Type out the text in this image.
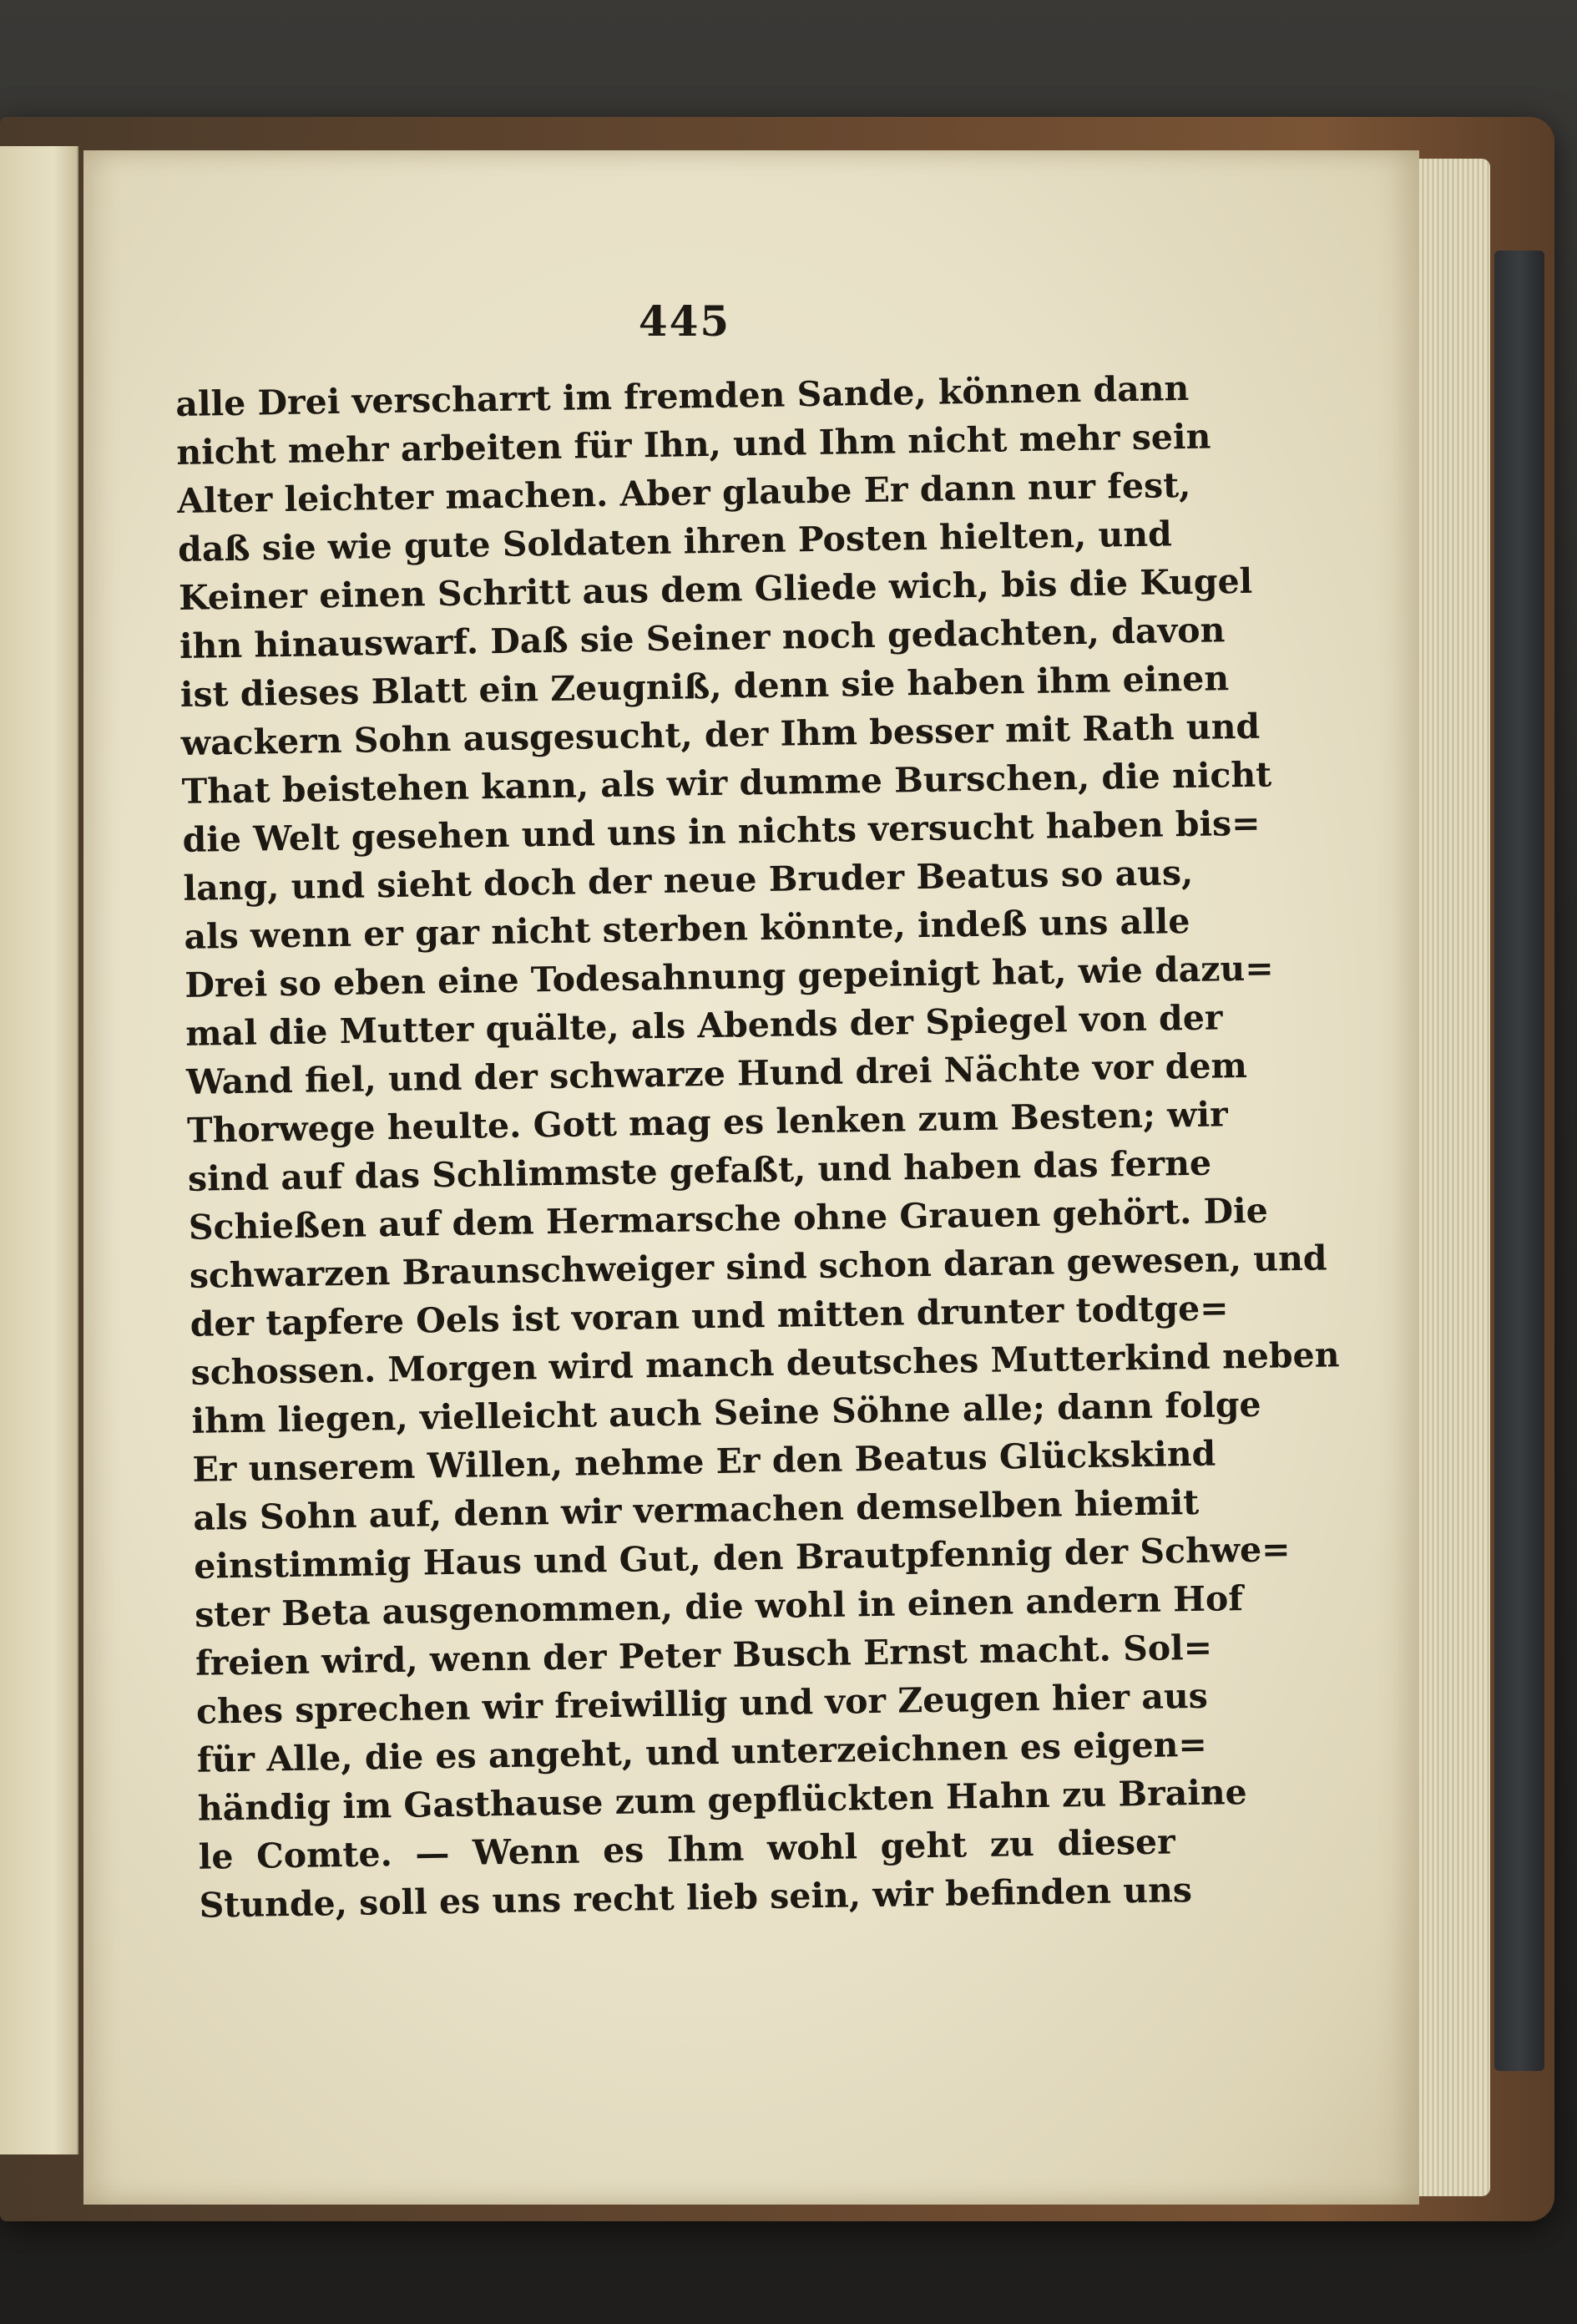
445
alle Drei verscharrt im fremden Sande, können dann
nicht mehr arbeiten für Ihn, und Ihm nicht mehr sein
Alter leichter machen. Aber glaube Er dann nur fest,
daß sie wie gute Soldaten ihren Posten hielten, und
Keiner einen Schritt aus dem Gliede wich, bis die Kugel
ihn hinauswarf. Daß sie Seiner noch gedachten, davon
ist dieses Blatt ein Zeugniß, denn sie haben ihm einen
wackern Sohn ausgesucht, der Ihm besser mit Rath und
That beistehen kann, als wir dumme Burschen, die nicht
die Welt gesehen und uns in nichts versucht haben bis=
lang, und sieht doch der neue Bruder Beatus so aus,
als wenn er gar nicht sterben könnte, indeß uns alle
Drei so eben eine Todesahnung gepeinigt hat, wie dazu=
mal die Mutter quälte, als Abends der Spiegel von der
Wand fiel, und der schwarze Hund drei Nächte vor dem
Thorwege heulte. Gott mag es lenken zum Besten; wir
sind auf das Schlimmste gefaßt, und haben das ferne
Schießen auf dem Hermarsche ohne Grauen gehört. Die
schwarzen Braunschweiger sind schon daran gewesen, und
der tapfere Oels ist voran und mitten drunter todtge=
schossen. Morgen wird manch deutsches Mutterkind neben
ihm liegen, vielleicht auch Seine Söhne alle; dann folge
Er unserem Willen, nehme Er den Beatus Glückskind
als Sohn auf, denn wir vermachen demselben hiemit
einstimmig Haus und Gut, den Brautpfennig der Schwe=
ster Beta ausgenommen, die wohl in einen andern Hof
freien wird, wenn der Peter Busch Ernst macht. Sol=
ches sprechen wir freiwillig und vor Zeugen hier aus
für Alle, die es angeht, und unterzeichnen es eigen=
händig im Gasthause zum gepflückten Hahn zu Braine
le Comte. — Wenn es Ihm wohl geht zu dieser
Stunde, soll es uns recht lieb sein, wir befinden uns
